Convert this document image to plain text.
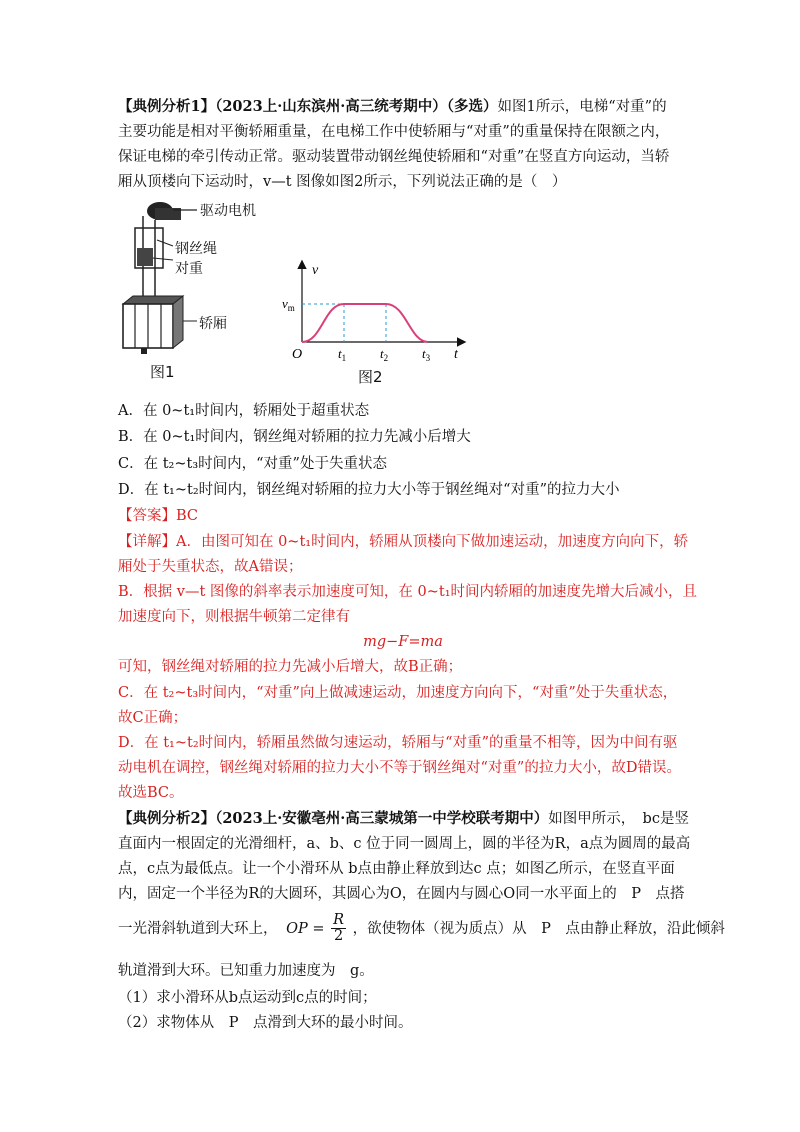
【典例分析1】（2023上·山东滨州·高三统考期中）（多选）如图1所示，电梯“对重”的
主要功能是相对平衡轿厢重量，在电梯工作中使轿厢与“对重”的重量保持在限额之内，
保证电梯的牵引传动正常。驱动装置带动钢丝绳使轿厢和“对重”在竖直方向运动，当轿
厢从顶楼向下运动时，v—t 图像如图2所示，下列说法正确的是（　）
驱动电机
钢丝绳
对重
轿厢
图1
v
$v_m$
O	$t_1$	$t_2$	$t_3$ t
图2
A．在 0~t₁时间内，轿厢处于超重状态
B．在 0~t₁时间内，钢丝绳对轿厢的拉力先减小后增大
C．在 t₂~t₃时间内，“对重”处于失重状态
D．在 t₁~t₂时间内，钢丝绳对轿厢的拉力大小等于钢丝绳对“对重”的拉力大小
【答案】BC
【详解】A．由图可知在 0~t₁时间内，轿厢从顶楼向下做加速运动，加速度方向向下，轿
厢处于失重状态，故A错误；
B．根据 v—t 图像的斜率表示加速度可知，在 0~t₁时间内轿厢的加速度先增大后减小，且
加速度向下，则根据牛顿第二定律有
mg−F=ma
可知，钢丝绳对轿厢的拉力先减小后增大，故B正确；
C．在 t₂~t₃时间内，“对重”向上做减速运动，加速度方向向下，“对重”处于失重状态，
故C正确；
D．在 t₁~t₂时间内，轿厢虽然做匀速运动，轿厢与“对重”的重量不相等，因为中间有驱
动电机在调控，钢丝绳对轿厢的拉力大小不等于钢丝绳对“对重”的拉力大小，故D错误。
故选BC。
【典例分析2】（2023上·安徽亳州·高三蒙城第一中学校联考期中）如图甲所示，　bc是竖
直面内一根固定的光滑细杆，a、b、c 位于同一圆周上，圆的半径为R，a点为圆周的最高
点，c点为最低点。让一个小滑环从 b点由静止释放到达c 点；如图乙所示，在竖直平面
内，固定一个半径为R的大圆环，其圆心为O，在圆内与圆心O同一水平面上的　P　点搭
一光滑斜轨道到大环上， OP = $\frac{R}{2}$ ，欲使物体（视为质点）从　P　点由静止释放，沿此倾斜
轨道滑到大环。已知重力加速度为　g。
（1）求小滑环从b点运动到c点的时间；
（2）求物体从　P　点滑到大环的最小时间。
